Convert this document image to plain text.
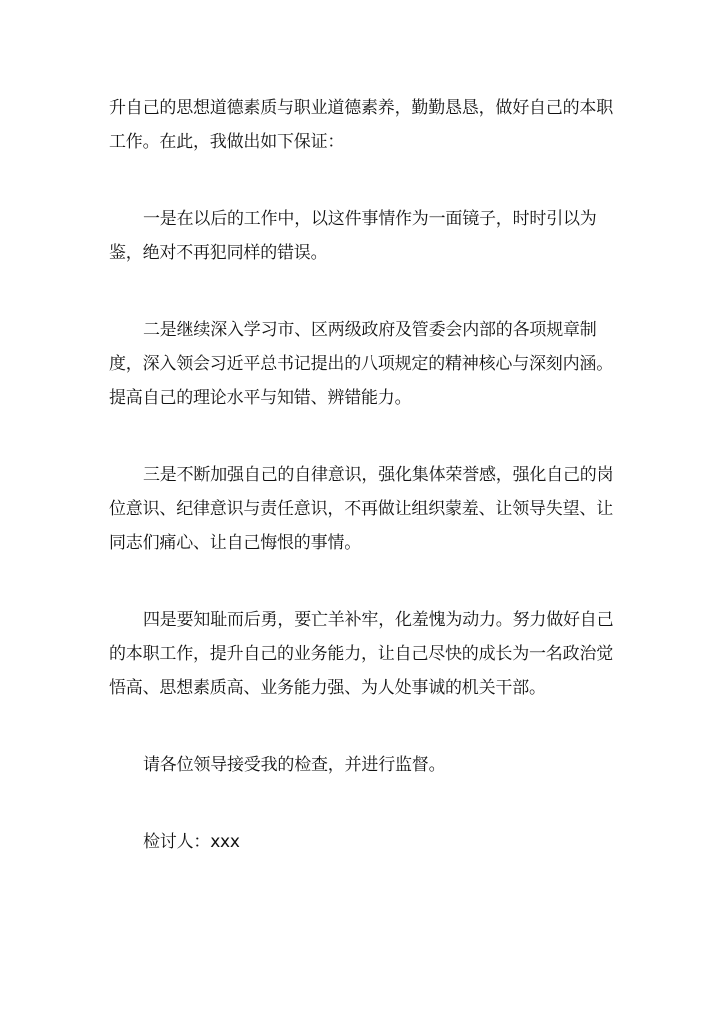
升自己的思想道德素质与职业道德素养，勤勤恳恳，做好自己的本职工作。在此，我做出如下保证：

一是在以后的工作中，以这件事情作为一面镜子，时时引以为鉴，绝对不再犯同样的错误。

二是继续深入学习市、区两级政府及管委会内部的各项规章制度，深入领会习近平总书记提出的八项规定的精神核心与深刻内涵。提高自己的理论水平与知错、辨错能力。

三是不断加强自己的自律意识，强化集体荣誉感，强化自己的岗位意识、纪律意识与责任意识，不再做让组织蒙羞、让领导失望、让同志们痛心、让自己悔恨的事情。

四是要知耻而后勇，要亡羊补牢，化羞愧为动力。努力做好自己的本职工作，提升自己的业务能力，让自己尽快的成长为一名政治觉悟高、思想素质高、业务能力强、为人处事诚的机关干部。

请各位领导接受我的检查，并进行监督。

检讨人：xxx
